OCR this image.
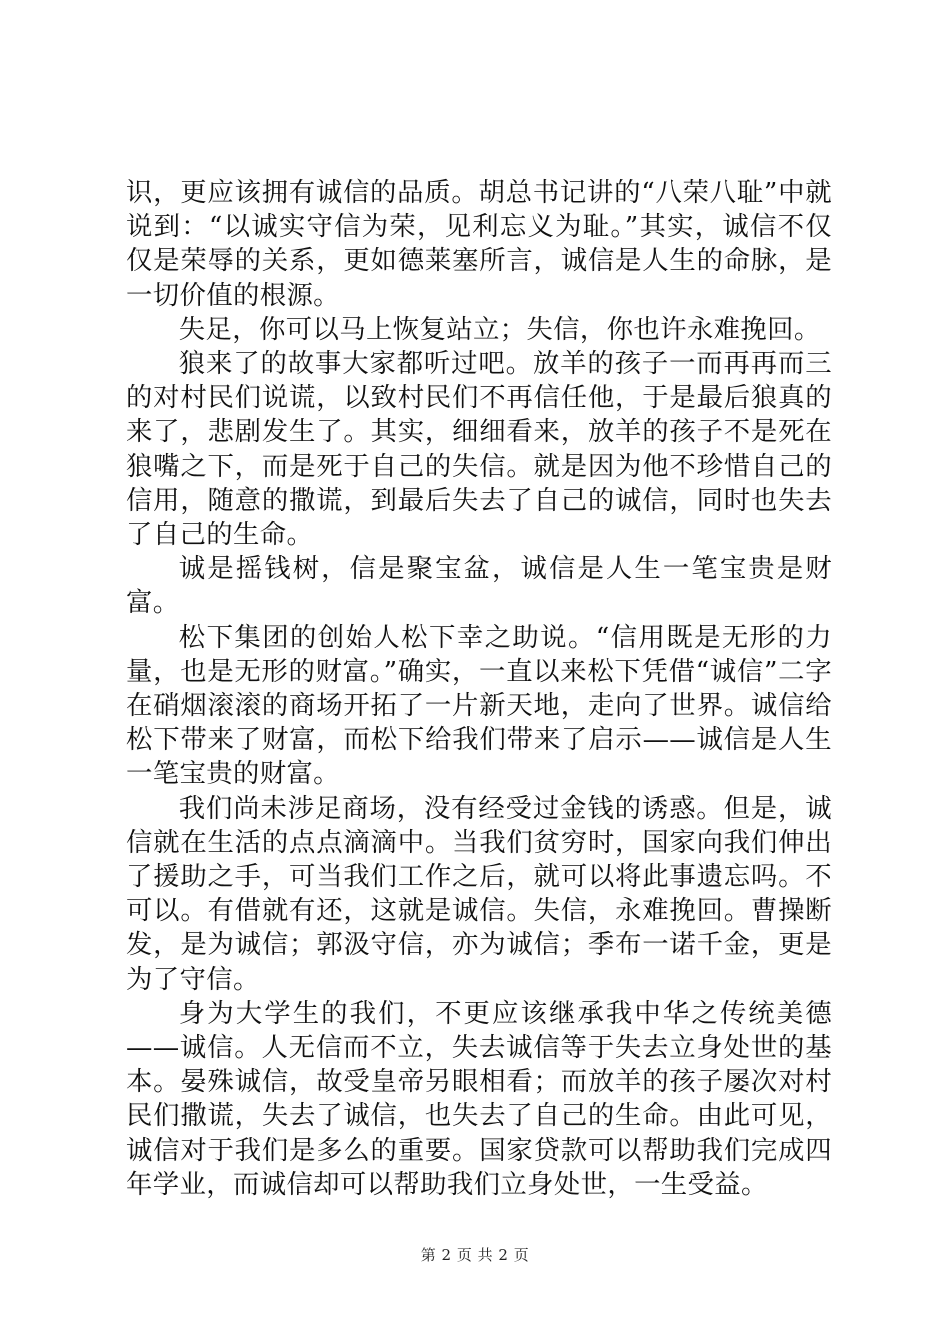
识，更应该拥有诚信的品质。胡总书记讲的“八荣八耻”中就说到：“以诚实守信为荣，见利忘义为耻。”其实，诚信不仅仅是荣辱的关系，更如德莱塞所言，诚信是人生的命脉，是一切价值的根源。

失足，你可以马上恢复站立；失信，你也许永难挽回。

狼来了的故事大家都听过吧。放羊的孩子一而再再而三的对村民们说谎，以致村民们不再信任他，于是最后狼真的来了，悲剧发生了。其实，细细看来，放羊的孩子不是死在狼嘴之下，而是死于自己的失信。就是因为他不珍惜自己的信用，随意的撒谎，到最后失去了自己的诚信，同时也失去了自己的生命。

诚是摇钱树，信是聚宝盆，诚信是人生一笔宝贵是财富。

松下集团的创始人松下幸之助说。“信用既是无形的力量，也是无形的财富。”确实，一直以来松下凭借“诚信”二字在硝烟滚滚的商场开拓了一片新天地，走向了世界。诚信给松下带来了财富，而松下给我们带来了启示——诚信是人生一笔宝贵的财富。

我们尚未涉足商场，没有经受过金钱的诱惑。但是，诚信就在生活的点点滴滴中。当我们贫穷时，国家向我们伸出了援助之手，可当我们工作之后，就可以将此事遗忘吗。不可以。有借就有还，这就是诚信。失信，永难挽回。曹操断发，是为诚信；郭汲守信，亦为诚信；季布一诺千金，更是为了守信。

身为大学生的我们，不更应该继承我中华之传统美德——诚信。人无信而不立，失去诚信等于失去立身处世的基本。晏殊诚信，故受皇帝另眼相看；而放羊的孩子屡次对村民们撒谎，失去了诚信，也失去了自己的生命。由此可见，诚信对于我们是多么的重要。国家贷款可以帮助我们完成四年学业，而诚信却可以帮助我们立身处世，一生受益。

第 2 页 共 2 页
